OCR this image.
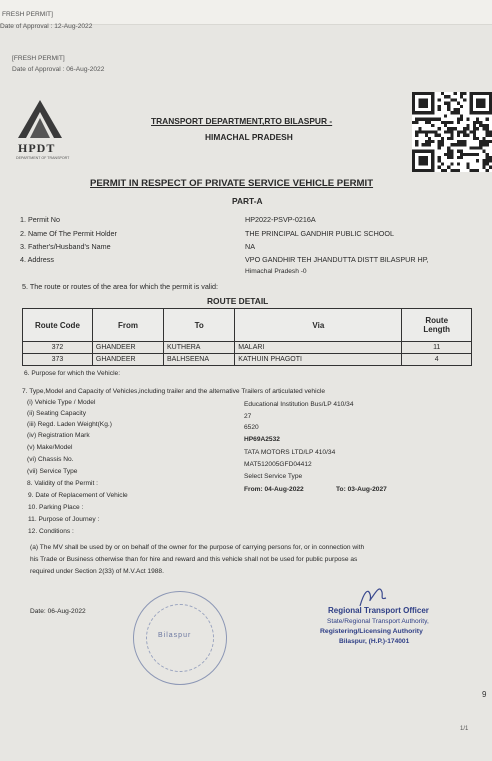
FRESH PERMIT]
Date of Approval : 12-Aug-2022
[FRESH PERMIT]
Date of Approval : 06-Aug-2022
HPDT
DEPARTMENT OF TRANSPORT
TRANSPORT DEPARTMENT,RTO BILASPUR -
HIMACHAL PRADESH
PERMIT IN RESPECT OF PRIVATE SERVICE VEHICLE PERMIT
PART-A
1. Permit No	HP2022-PSVP-0216A
2. Name Of The Permit Holder	THE PRINCIPAL GANDHIR PUBLIC SCHOOL
3. Father's/Husband's Name	NA
4. Address	VPO GANDHIR TEH JHANDUTTA DISTT BILASPUR HP,
Himachal Pradesh -0
5. The route or routes of the area for which the permit is valid:
ROUTE DETAIL
Route Code	From	To	Via	Route Length
372	GHANDEER	KUTHERA	MALARI	11
373	GHANDEER	BALHSEENA	KATHUIN PHAGOTI	4
6. Purpose for which the Vehicle:
7. Type,Model and Capacity of Vehicles,including trailer and the alternative Trailers of articulated vehicle
(i) Vehicle Type / Model	Educational Institution Bus/LP 410/34
(ii) Seating Capacity	27
(iii) Regd. Laden Weight(Kg.)	6520
(iv) Registration Mark
HP69A2532
(v) Make/Model
TATA MOTORS LTD/LP 410/34
(vi) Chassis No.
MAT512005GFD04412
(vii) Service Type
Select Service Type
8. Validity of the Permit :
From: 04-Aug-2022	To: 03-Aug-2027
9. Date of Replacement of Vehicle
10. Parking Place :
11. Purpose of Journey :
12. Conditions :
(a) The MV shall be used by or on behalf of the owner for the purpose of carrying persons for, or in connection with
his Trade or Business otherwise than for hire and reward and this vehicle shall not be used for public purpose as
required under Section 2(33) of M.V.Act 1988.
Date: 06-Aug-2022
Bilaspur
Regional Transport Officer
State/Regional Transport Authority,
Registering/Licensing Authority
Bilaspur, (H.P.)-174001
9
1/1
